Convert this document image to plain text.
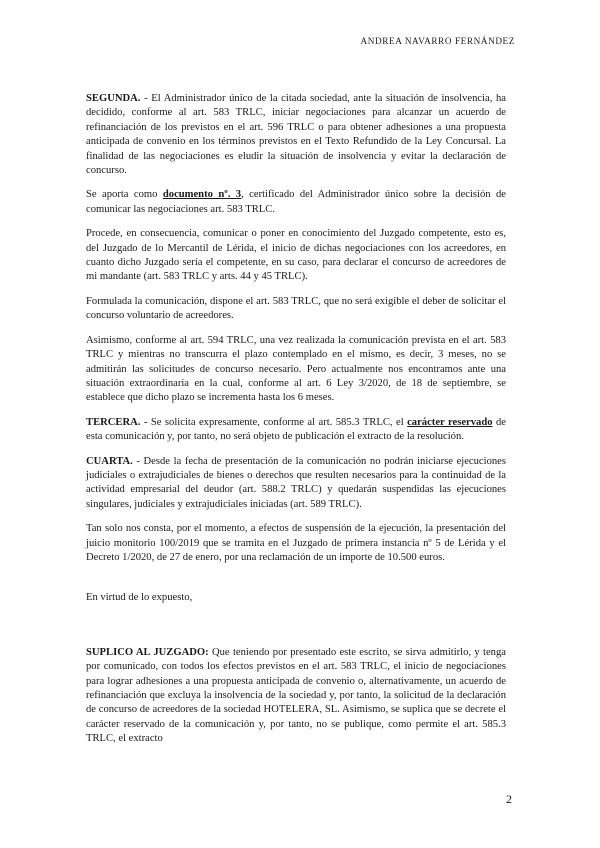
ANDREA NAVARRO FERNÁNDEZ

SEGUNDA. - El Administrador único de la citada sociedad, ante la situación de insolvencia, ha decidido, conforme al art. 583 TRLC, iniciar negociaciones para alcanzar un acuerdo de refinanciación de los previstos en el art. 596 TRLC o para obtener adhesiones a una propuesta anticipada de convenio en los términos previstos en el Texto Refundido de la Ley Concursal. La finalidad de las negociaciones es eludir la situación de insolvencia y evitar la declaración de concurso.

Se aporta como documento nº. 3, certificado del Administrador único sobre la decisión de comunicar las negociaciones art. 583 TRLC.

Procede, en consecuencia, comunicar o poner en conocimiento del Juzgado competente, esto es, del Juzgado de lo Mercantil de Lérida, el inicio de dichas negociaciones con los acreedores, en cuanto dicho Juzgado sería el competente, en su caso, para declarar el concurso de acreedores de mi mandante (art. 583 TRLC y arts. 44 y 45 TRLC).

Formulada la comunicación, dispone el art. 583 TRLC, que no será exigible el deber de solicitar el concurso voluntario de acreedores.

Asimismo, conforme al art. 594 TRLC, una vez realizada la comunicación prevista en el art. 583 TRLC y mientras no transcurra el plazo contemplado en el mismo, es decir, 3 meses, no se admitirán las solicitudes de concurso necesario. Pero actualmente nos encontramos ante una situación extraordinaria en la cual, conforme al art. 6 Ley 3/2020, de 18 de septiembre, se establece que dicho plazo se incrementa hasta los 6 meses.

TERCERA. - Se solicita expresamente, conforme al art. 585.3 TRLC, el carácter reservado de esta comunicación y, por tanto, no será objeto de publicación el extracto de la resolución.

CUARTA. - Desde la fecha de presentación de la comunicación no podrán iniciarse ejecuciones judiciales o extrajudiciales de bienes o derechos que resulten necesarios para la continuidad de la actividad empresarial del deudor (art. 588.2 TRLC) y quedarán suspendidas las ejecuciones singulares, judiciales y extrajudiciales iniciadas (art. 589 TRLC).

Tan solo nos consta, por el momento, a efectos de suspensión de la ejecución, la presentación del juicio monitorio 100/2019 que se tramita en el Juzgado de primera instancia nº 5 de Lérida y el Decreto 1/2020, de 27 de enero, por una reclamación de un importe de 10.500 euros.

En virtud de lo expuesto,

SUPLICO AL JUZGADO: Que teniendo por presentado este escrito, se sirva admitirlo, y tenga por comunicado, con todos los efectos previstos en el art. 583 TRLC, el inicio de negociaciones para lograr adhesiones a una propuesta anticipada de convenio o, alternativamente, un acuerdo de refinanciación que excluya la insolvencia de la sociedad y, por tanto, la solicitud de la declaración de concurso de acreedores de la sociedad HOTELERA, SL. Asimismo, se suplica que se decrete el carácter reservado de la comunicación y, por tanto, no se publique, como permite el art. 585.3 TRLC, el extracto

2
